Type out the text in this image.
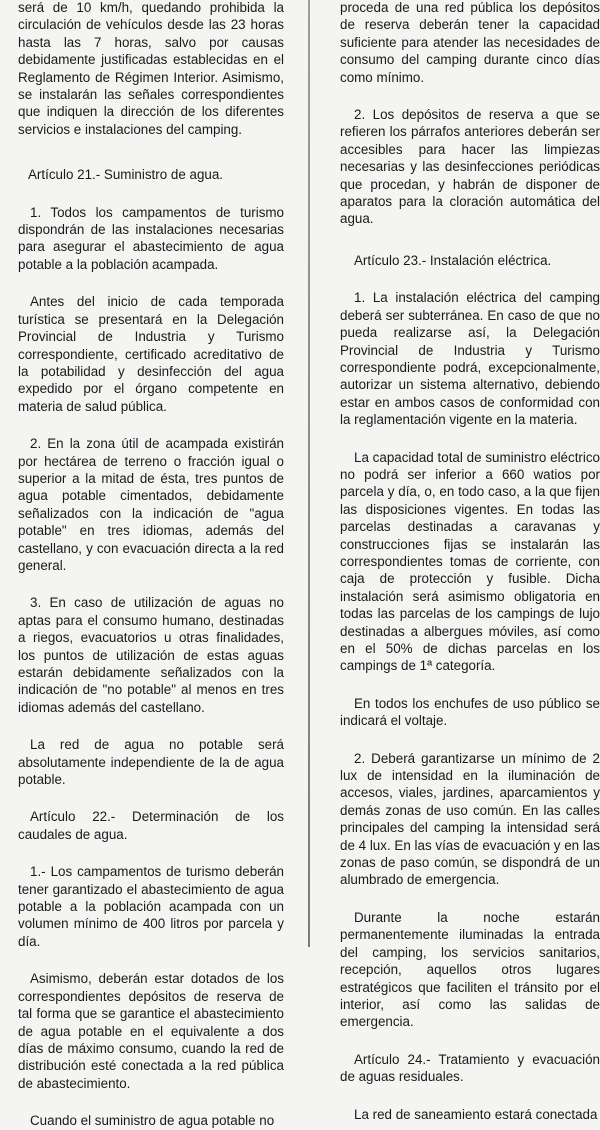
será de 10 km/h, quedando prohibida la circulación de vehículos desde las 23 horas hasta las 7 horas, salvo por causas debidamente justificadas establecidas en el Reglamento de Régimen Interior. Asimismo, se instalarán las señales correspondientes que indiquen la dirección de los diferentes servicios e instalaciones del camping.

Artículo 21.- Suministro de agua.

1. Todos los campamentos de turismo dispondrán de las instalaciones necesarias para asegurar el abastecimiento de agua potable a la población acampada.

Antes del inicio de cada temporada turística se presentará en la Delegación Provincial de Industria y Turismo correspondiente, certificado acreditativo de la potabilidad y desinfección del agua expedido por el órgano competente en materia de salud pública.

2. En la zona útil de acampada existirán por hectárea de terreno o fracción igual o superior a la mitad de ésta, tres puntos de agua potable cimentados, debidamente señalizados con la indicación de "agua potable" en tres idiomas, además del castellano, y con evacuación directa a la red general.

3. En caso de utilización de aguas no aptas para el consumo humano, destinadas a riegos, evacuatorios u otras finalidades, los puntos de utilización de estas aguas estarán debidamente señalizados con la indicación de "no potable" al menos en tres idiomas además del castellano.

La red de agua no potable será absolutamente independiente de la de agua potable.

Artículo 22.- Determinación de los caudales de agua.

1.- Los campamentos de turismo deberán tener garantizado el abastecimiento de agua potable a la población acampada con un volumen mínimo de 400 litros por parcela y día.

Asimismo, deberán estar dotados de los correspondientes depósitos de reserva de tal forma que se garantice el abastecimiento de agua potable en el equivalente a dos días de máximo consumo, cuando la red de distribución esté conectada a la red pública de abastecimiento.

Cuando el suministro de agua potable no

proceda de una red pública los depósitos de reserva deberán tener la capacidad suficiente para atender las necesidades de consumo del camping durante cinco días como mínimo.

2. Los depósitos de reserva a que se refieren los párrafos anteriores deberán ser accesibles para hacer las limpiezas necesarias y las desinfecciones periódicas que procedan, y habrán de disponer de aparatos para la cloración automática del agua.

Artículo 23.- Instalación eléctrica.

1. La instalación eléctrica del camping deberá ser subterránea. En caso de que no pueda realizarse así, la Delegación Provincial de Industria y Turismo correspondiente podrá, excepcionalmente, autorizar un sistema alternativo, debiendo estar en ambos casos de conformidad con la reglamentación vigente en la materia.

La capacidad total de suministro eléctrico no podrá ser inferior a 660 watios por parcela y día, o, en todo caso, a la que fijen las disposiciones vigentes. En todas las parcelas destinadas a caravanas y construcciones fijas se instalarán las correspondientes tomas de corriente, con caja de protección y fusible. Dicha instalación será asimismo obligatoria en todas las parcelas de los campings de lujo destinadas a albergues móviles, así como en el 50% de dichas parcelas en los campings de 1ª categoría.

En todos los enchufes de uso público se indicará el voltaje.

2. Deberá garantizarse un mínimo de 2 lux de intensidad en la iluminación de accesos, viales, jardines, aparcamientos y demás zonas de uso común. En las calles principales del camping la intensidad será de 4 lux. En las vías de evacuación y en las zonas de paso común, se dispondrá de un alumbrado de emergencia.

Durante la noche estarán permanentemente iluminadas la entrada del camping, los servicios sanitarios, recepción, aquellos otros lugares estratégicos que faciliten el tránsito por el interior, así como las salidas de emergencia.

Artículo 24.- Tratamiento y evacuación de aguas residuales.

La red de saneamiento estará conectada
